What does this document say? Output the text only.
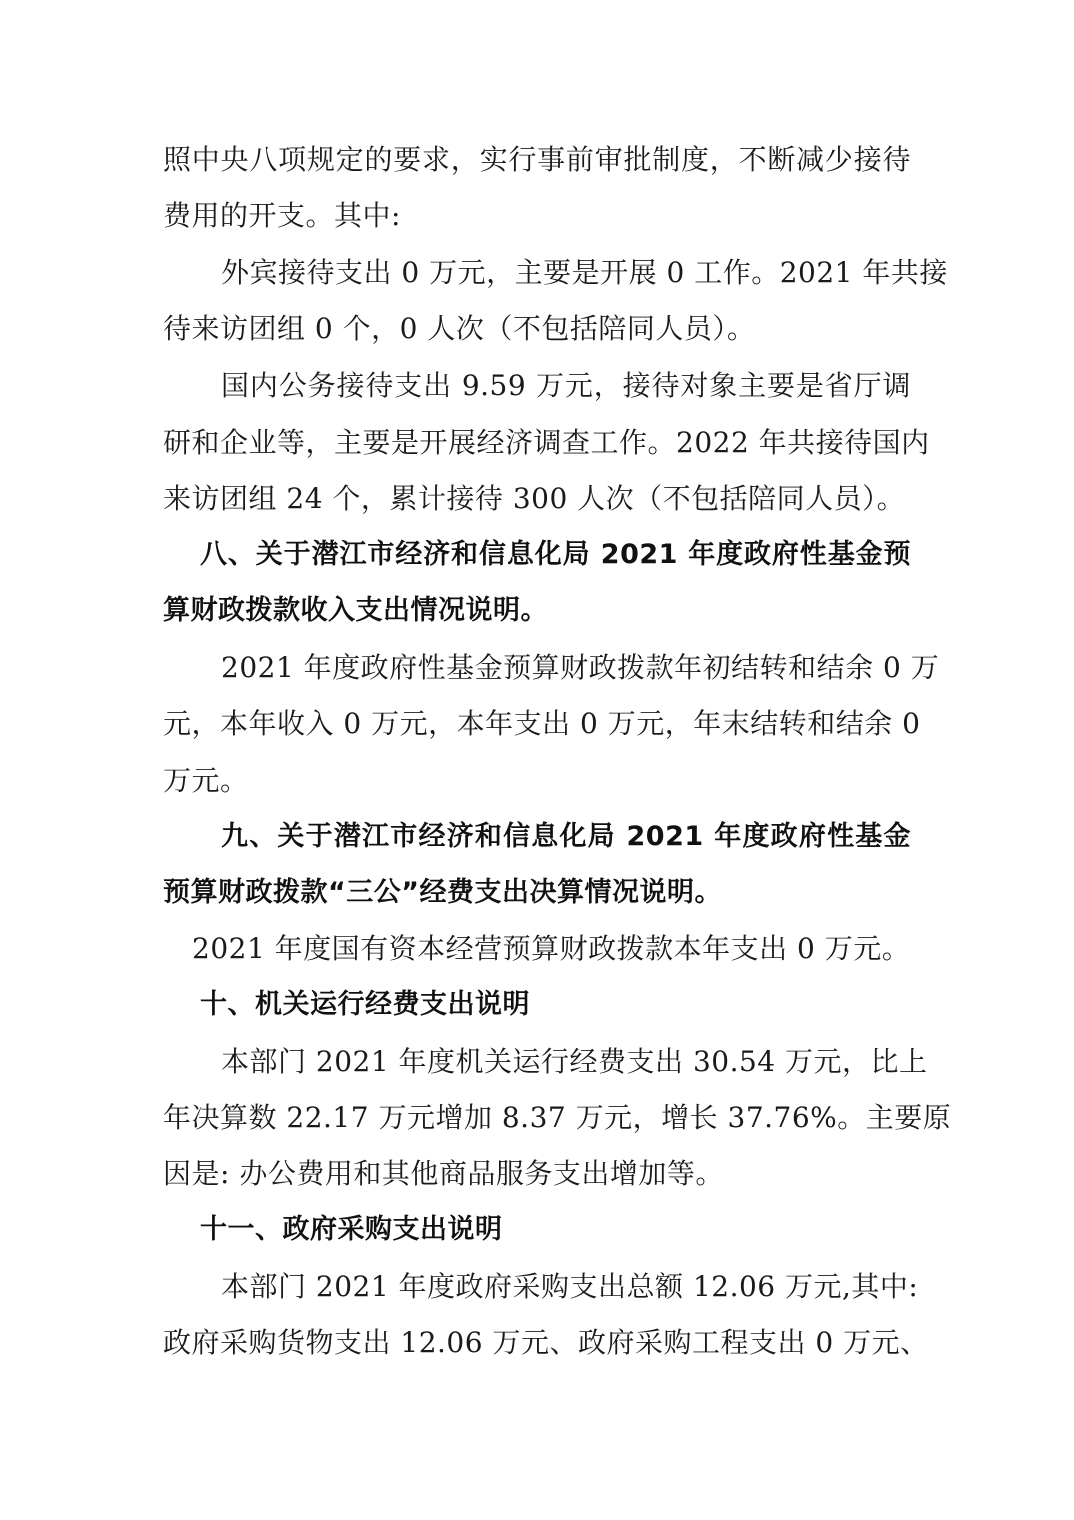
照中央八项规定的要求，实行事前审批制度，不断减少接待
费用的开支。其中:
外宾接待支出 0 万元，主要是开展 0 工作。2021 年共接
待来访团组 0 个，0 人次（不包括陪同人员）。
国内公务接待支出 9.59 万元，接待对象主要是省厅调
研和企业等，主要是开展经济调查工作。2022 年共接待国内
来访团组 24 个，累计接待 300 人次（不包括陪同人员）。
八、关于潜江市经济和信息化局 2021 年度政府性基金预
算财政拨款收入支出情况说明。
2021 年度政府性基金预算财政拨款年初结转和结余 0 万
元，本年收入 0 万元，本年支出 0 万元，年末结转和结余 0
万元。
九、关于潜江市经济和信息化局 2021 年度政府性基金
预算财政拨款“三公”经费支出决算情况说明。
2021 年度国有资本经营预算财政拨款本年支出 0 万元。
十、机关运行经费支出说明
本部门 2021 年度机关运行经费支出 30.54 万元，比上
年决算数 22.17 万元增加 8.37 万元，增长 37.76%。主要原
因是: 办公费用和其他商品服务支出增加等。
十一、政府采购支出说明
本部门 2021 年度政府采购支出总额 12.06 万元,其中:
政府采购货物支出 12.06 万元、政府采购工程支出 0 万元、
